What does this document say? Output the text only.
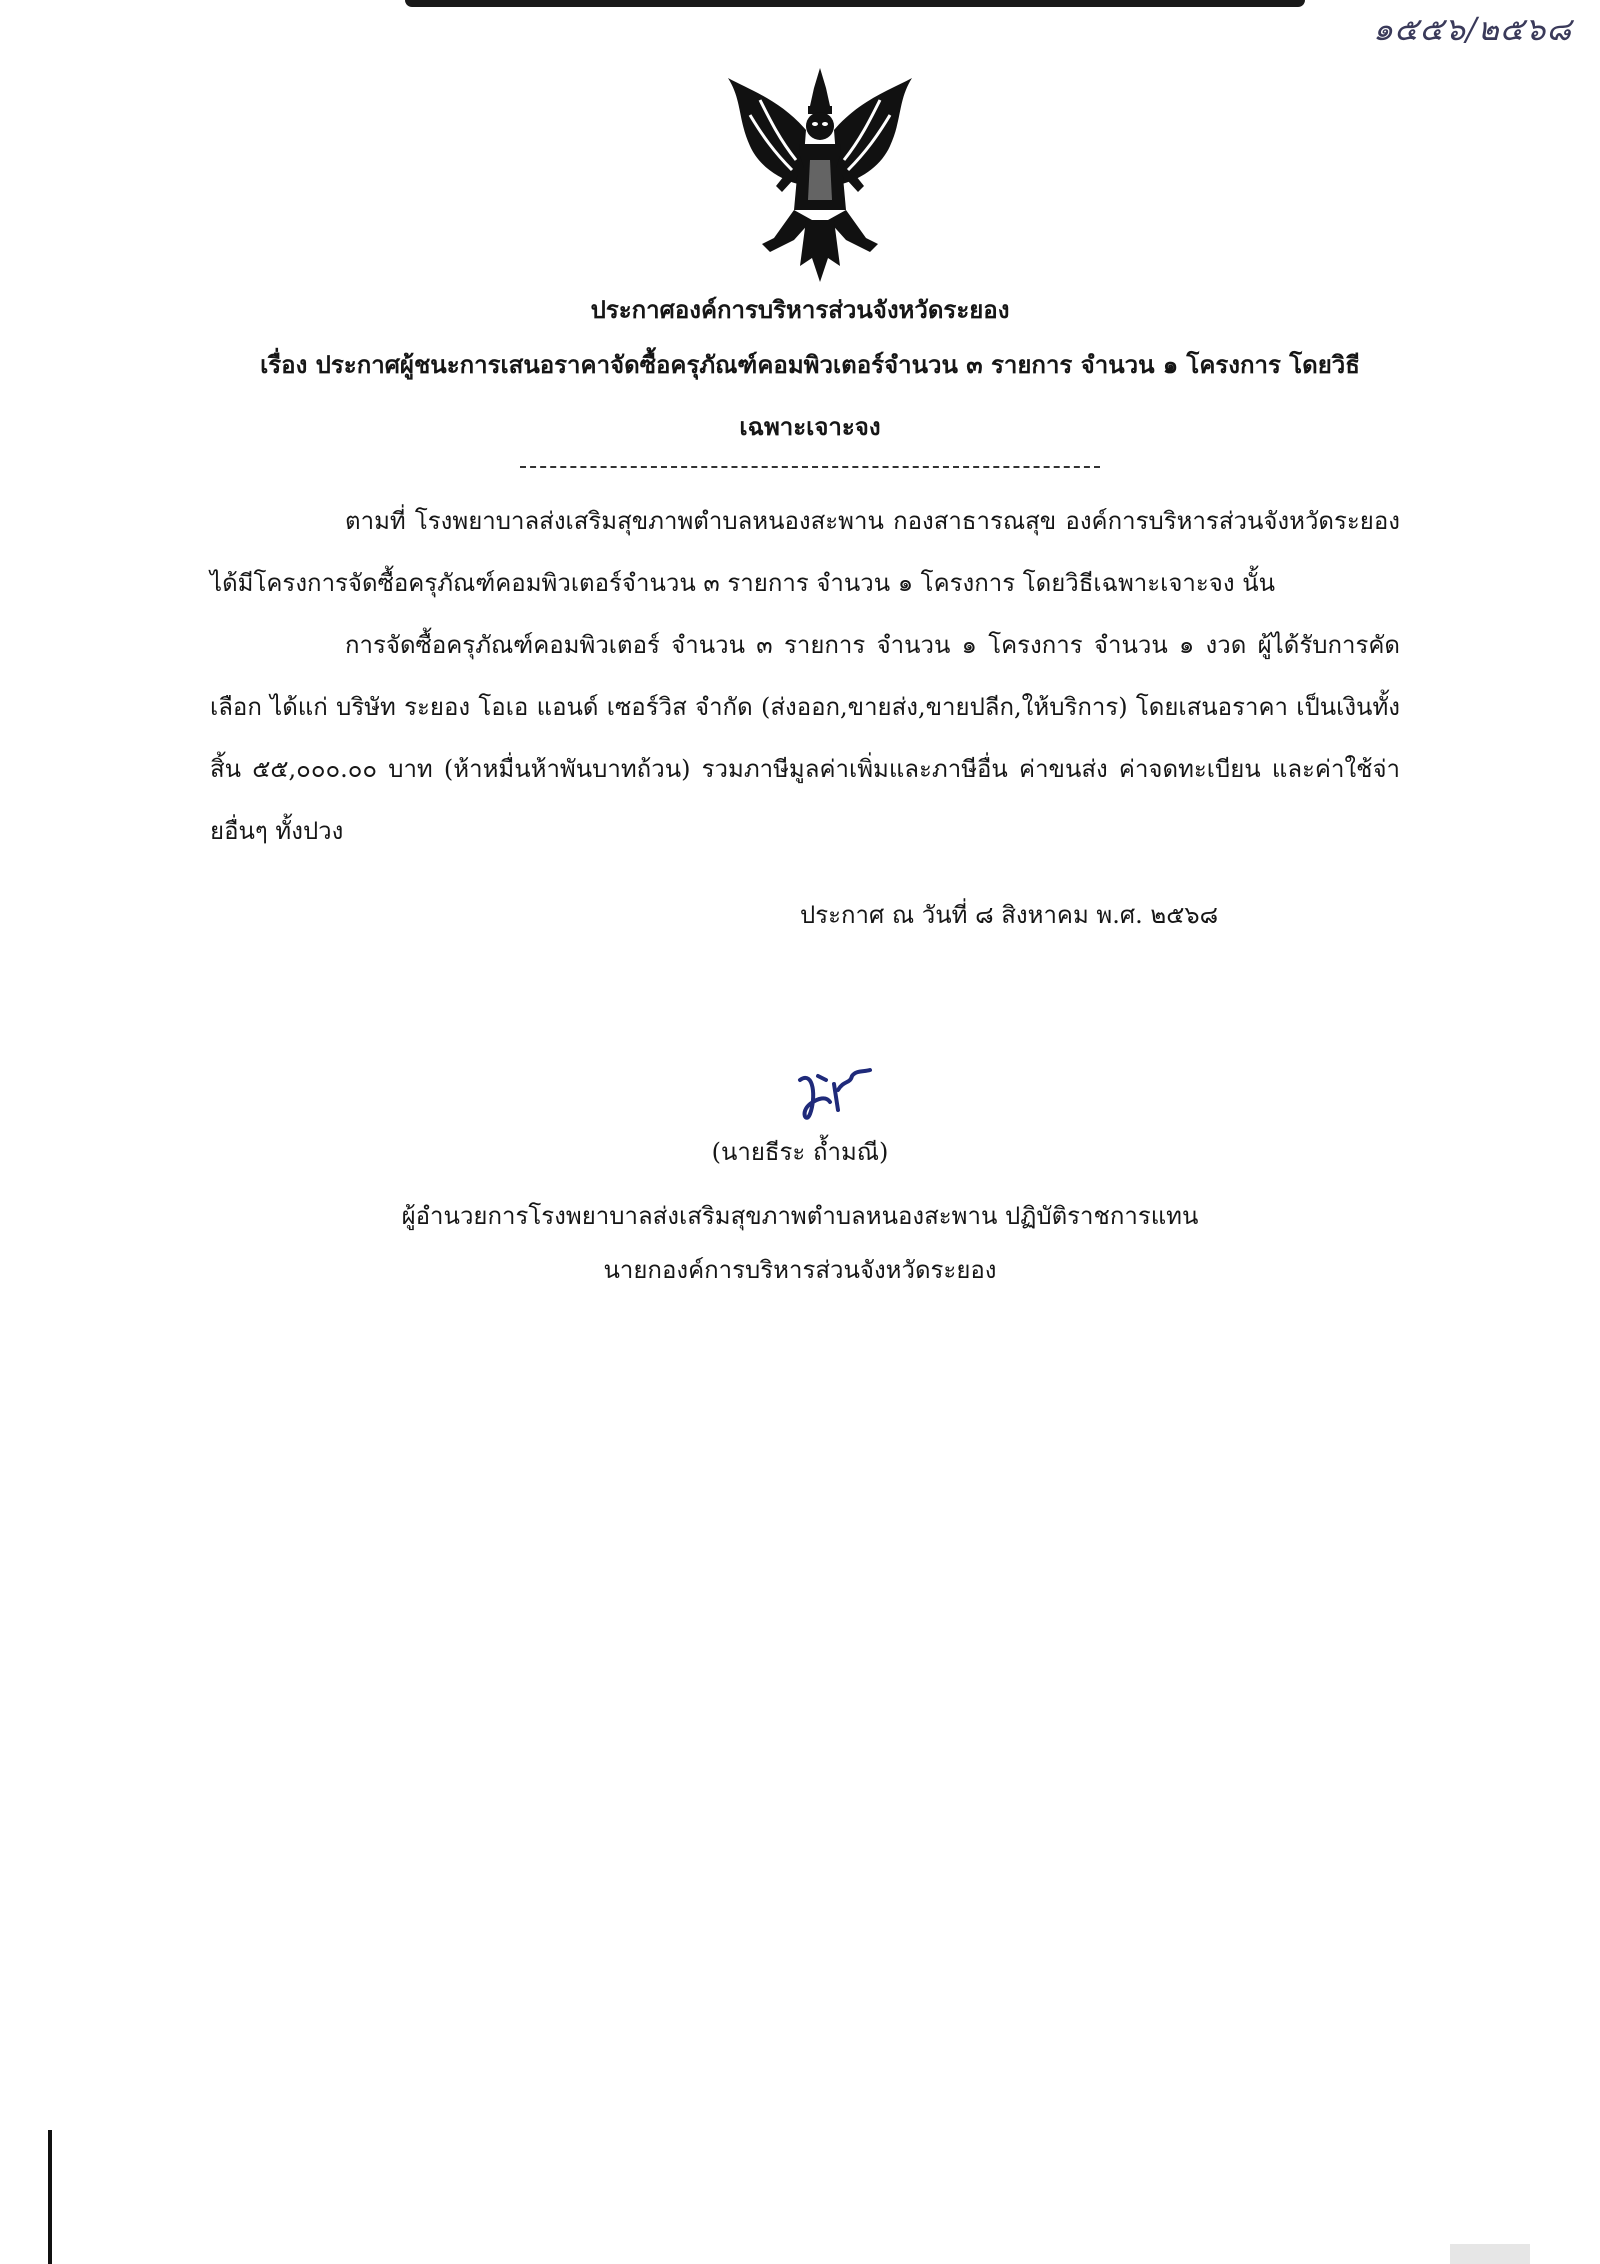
๑๕๕๖/๒๕๖๘
ประกาศองค์การบริหารส่วนจังหวัดระยอง
เรื่อง ประกาศผู้ชนะการเสนอราคาจัดซื้อครุภัณฑ์คอมพิวเตอร์จำนวน ๓ รายการ จำนวน ๑ โครงการ โดยวิธีเฉพาะเจาะจง

ตามที่ โรงพยาบาลส่งเสริมสุขภาพตำบลหนองสะพาน กองสาธารณสุข องค์การบริหารส่วนจังหวัดระยอง ได้มีโครงการจัดซื้อครุภัณฑ์คอมพิวเตอร์จำนวน ๓ รายการ จำนวน ๑ โครงการ โดยวิธีเฉพาะเจาะจง นั้น

การจัดซื้อครุภัณฑ์คอมพิวเตอร์ จำนวน ๓ รายการ จำนวน ๑ โครงการ จำนวน ๑ งวด ผู้ได้รับการคัดเลือก ได้แก่ บริษัท ระยอง โอเอ แอนด์ เซอร์วิส จำกัด (ส่งออก,ขายส่ง,ขายปลีก,ให้บริการ) โดยเสนอราคา เป็นเงินทั้งสิ้น ๕๕,๐๐๐.๐๐ บาท (ห้าหมื่นห้าพันบาทถ้วน) รวมภาษีมูลค่าเพิ่มและภาษีอื่น ค่าขนส่ง ค่าจดทะเบียน และค่าใช้จ่ายอื่นๆ ทั้งปวง

ประกาศ ณ วันที่ ๘ สิงหาคม พ.ศ. ๒๕๖๘
(นายธีระ ถ้ำมณี)
ผู้อำนวยการโรงพยาบาลส่งเสริมสุขภาพตำบลหนองสะพาน ปฏิบัติราชการแทน
นายกองค์การบริหารส่วนจังหวัดระยอง
